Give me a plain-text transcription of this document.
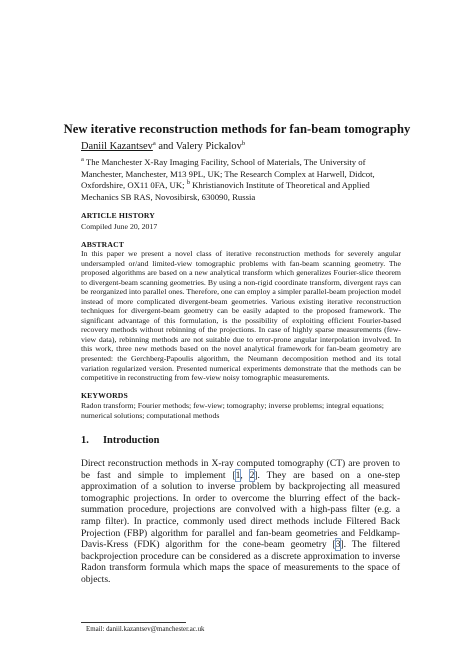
New iterative reconstruction methods for fan-beam tomography
Daniil Kazantsev$^a$ and Valery Pickalov$^b$
$^a$ The Manchester X-Ray Imaging Facility, School of Materials, The University of Manchester, Manchester, M13 9PL, UK; The Research Complex at Harwell, Didcot, Oxfordshire, OX11 0FA, UK; $^b$ Khristianovich Institute of Theoretical and Applied Mechanics SB RAS, Novosibirsk, 630090, Russia
ARTICLE HISTORY
Compiled June 20, 2017
ABSTRACT
In this paper we present a novel class of iterative reconstruction methods for severely angular undersampled or/and limited-view tomographic problems with fan-beam scanning geometry. The proposed algorithms are based on a new analytical transform which generalizes Fourier-slice theorem to divergent-beam scanning geometries. By using a non-rigid coordinate transform, divergent rays can be reorganized into parallel ones. Therefore, one can employ a simpler parallel-beam projection model instead of more complicated divergent-beam geometries. Various existing iterative reconstruction techniques for divergent-beam geometry can be easily adapted to the proposed framework. The significant advantage of this formulation, is the possibility of exploiting efficient Fourier-based recovery methods without rebinning of the projections. In case of highly sparse measurements (few-view data), rebinning methods are not suitable due to error-prone angular interpolation involved. In this work, three new methods based on the novel analytical framework for fan-beam geometry are presented: the Gerchberg-Papoulis algorithm, the Neumann decomposition method and its total variation regularized version. Presented numerical experiments demonstrate that the methods can be competitive in reconstructing from few-view noisy tomographic measurements.
KEYWORDS
Radon transform; Fourier methods; few-view; tomography; inverse problems; integral equations; numerical solutions; computational methods
1. Introduction
Direct reconstruction methods in X-ray computed tomography (CT) are proven to be fast and simple to implement [1, 2]. They are based on a one-step approximation of a solution to inverse problem by backprojecting all measured tomographic projections. In order to overcome the blurring effect of the back-summation procedure, projections are convolved with a high-pass filter (e.g. a ramp filter). In practice, commonly used direct methods include Filtered Back Projection (FBP) algorithm for parallel and fan-beam geometries and Feldkamp-Davis-Kress (FDK) algorithm for the cone-beam geometry [3]. The filtered backprojection procedure can be considered as a discrete approximation to inverse Radon transform formula which maps the space of measurements to the space of objects.
Email: daniil.kazantsev@manchester.ac.uk
